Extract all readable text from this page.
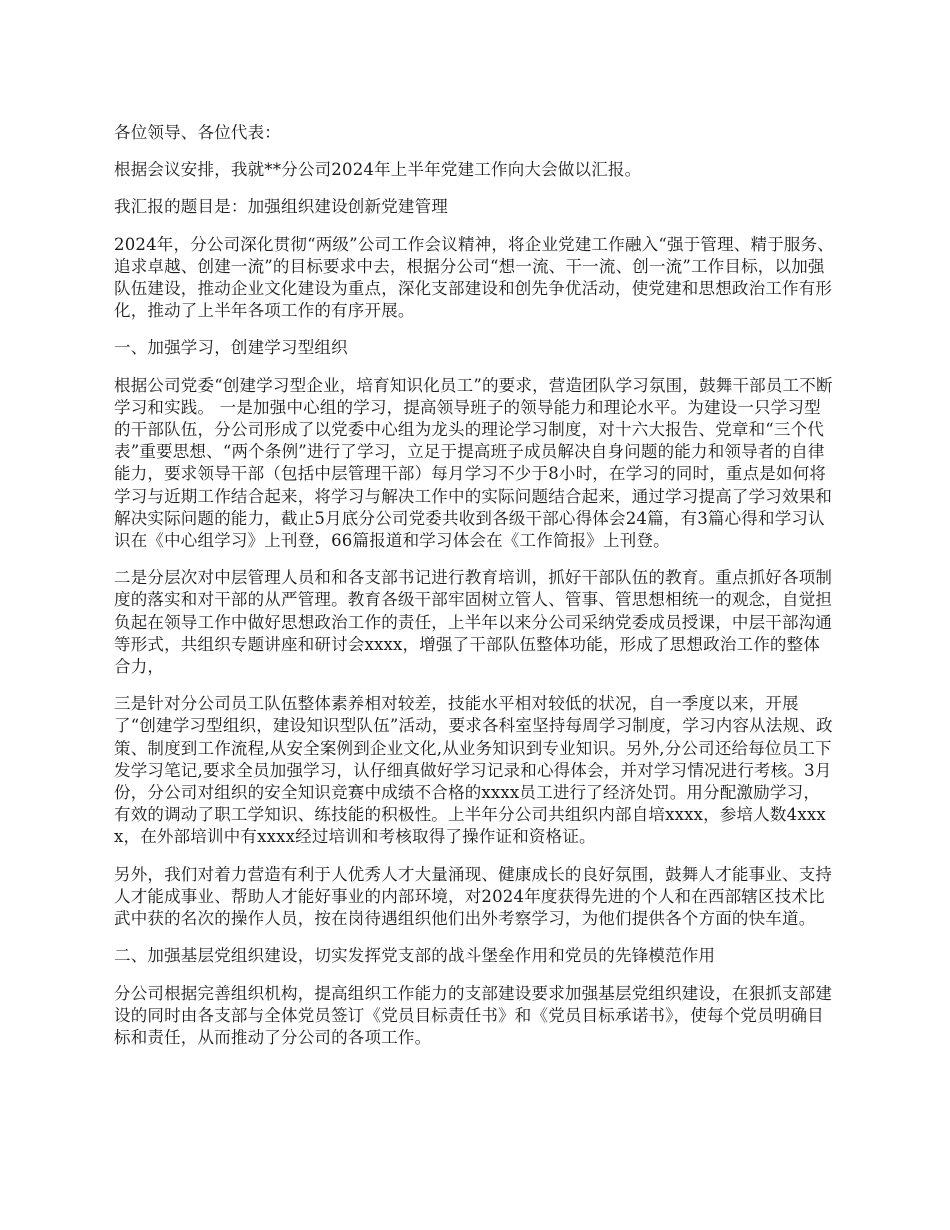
各位领导、各位代表：

根据会议安排，我就**分公司2024年上半年党建工作向大会做以汇报。

我汇报的题目是：加强组织建设创新党建管理

2024年，分公司深化贯彻“两级”公司工作会议精神，将企业党建工作融入“强于管理、精于服务、追求卓越、创建一流”的目标要求中去，根据分公司“想一流、干一流、创一流”工作目标，以加强队伍建设，推动企业文化建设为重点，深化支部建设和创先争优活动，使党建和思想政治工作有形化，推动了上半年各项工作的有序开展。

一、加强学习，创建学习型组织

根据公司党委“创建学习型企业，培育知识化员工”的要求，营造团队学习氛围，鼓舞干部员工不断学习和实践。 一是加强中心组的学习，提高领导班子的领导能力和理论水平。为建设一只学习型的干部队伍，分公司形成了以党委中心组为龙头的理论学习制度，对十六大报告、党章和“三个代表”重要思想、“两个条例”进行了学习，立足于提高班子成员解决自身问题的能力和领导者的自律能力，要求领导干部（包括中层管理干部）每月学习不少于8小时，在学习的同时，重点是如何将学习与近期工作结合起来，将学习与解决工作中的实际问题结合起来，通过学习提高了学习效果和解决实际问题的能力，截止5月底分公司党委共收到各级干部心得体会24篇，有3篇心得和学习认识在《中心组学习》上刊登，66篇报道和学习体会在《工作简报》上刊登。

二是分层次对中层管理人员和和各支部书记进行教育培训，抓好干部队伍的教育。重点抓好各项制度的落实和对干部的从严管理。教育各级干部牢固树立管人、管事、管思想相统一的观念，自觉担负起在领导工作中做好思想政治工作的责任，上半年以来分公司采纳党委成员授课，中层干部沟通等形式，共组织专题讲座和研讨会xxxx，增强了干部队伍整体功能，形成了思想政治工作的整体合力，

三是针对分公司员工队伍整体素养相对较差，技能水平相对较低的状况，自一季度以来，开展了“创建学习型组织，建设知识型队伍”活动，要求各科室坚持每周学习制度，学习内容从法规、政策、制度到工作流程,从安全案例到企业文化,从业务知识到专业知识。另外,分公司还给每位员工下发学习笔记,要求全员加强学习，认仔细真做好学习记录和心得体会，并对学习情况进行考核。3月份，分公司对组织的安全知识竞赛中成绩不合格的xxxx员工进行了经济处罚。用分配激励学习，有效的调动了职工学知识、练技能的积极性。上半年分公司共组织内部自培xxxx，参培人数4xxxx，在外部培训中有xxxx经过培训和考核取得了操作证和资格证。

另外，我们对着力营造有利于人优秀人才大量涌现、健康成长的良好氛围，鼓舞人才能事业、支持人才能成事业、帮助人才能好事业的内部环境，对2024年度获得先进的个人和在西部辖区技术比武中获的名次的操作人员，按在岗待遇组织他们出外考察学习，为他们提供各个方面的快车道。

二、加强基层党组织建设，切实发挥党支部的战斗堡垒作用和党员的先锋模范作用

分公司根据完善组织机构，提高组织工作能力的支部建设要求加强基层党组织建设，在狠抓支部建设的同时由各支部与全体党员签订《党员目标责任书》和《党员目标承诺书》，使每个党员明确目标和责任，从而推动了分公司的各项工作。
